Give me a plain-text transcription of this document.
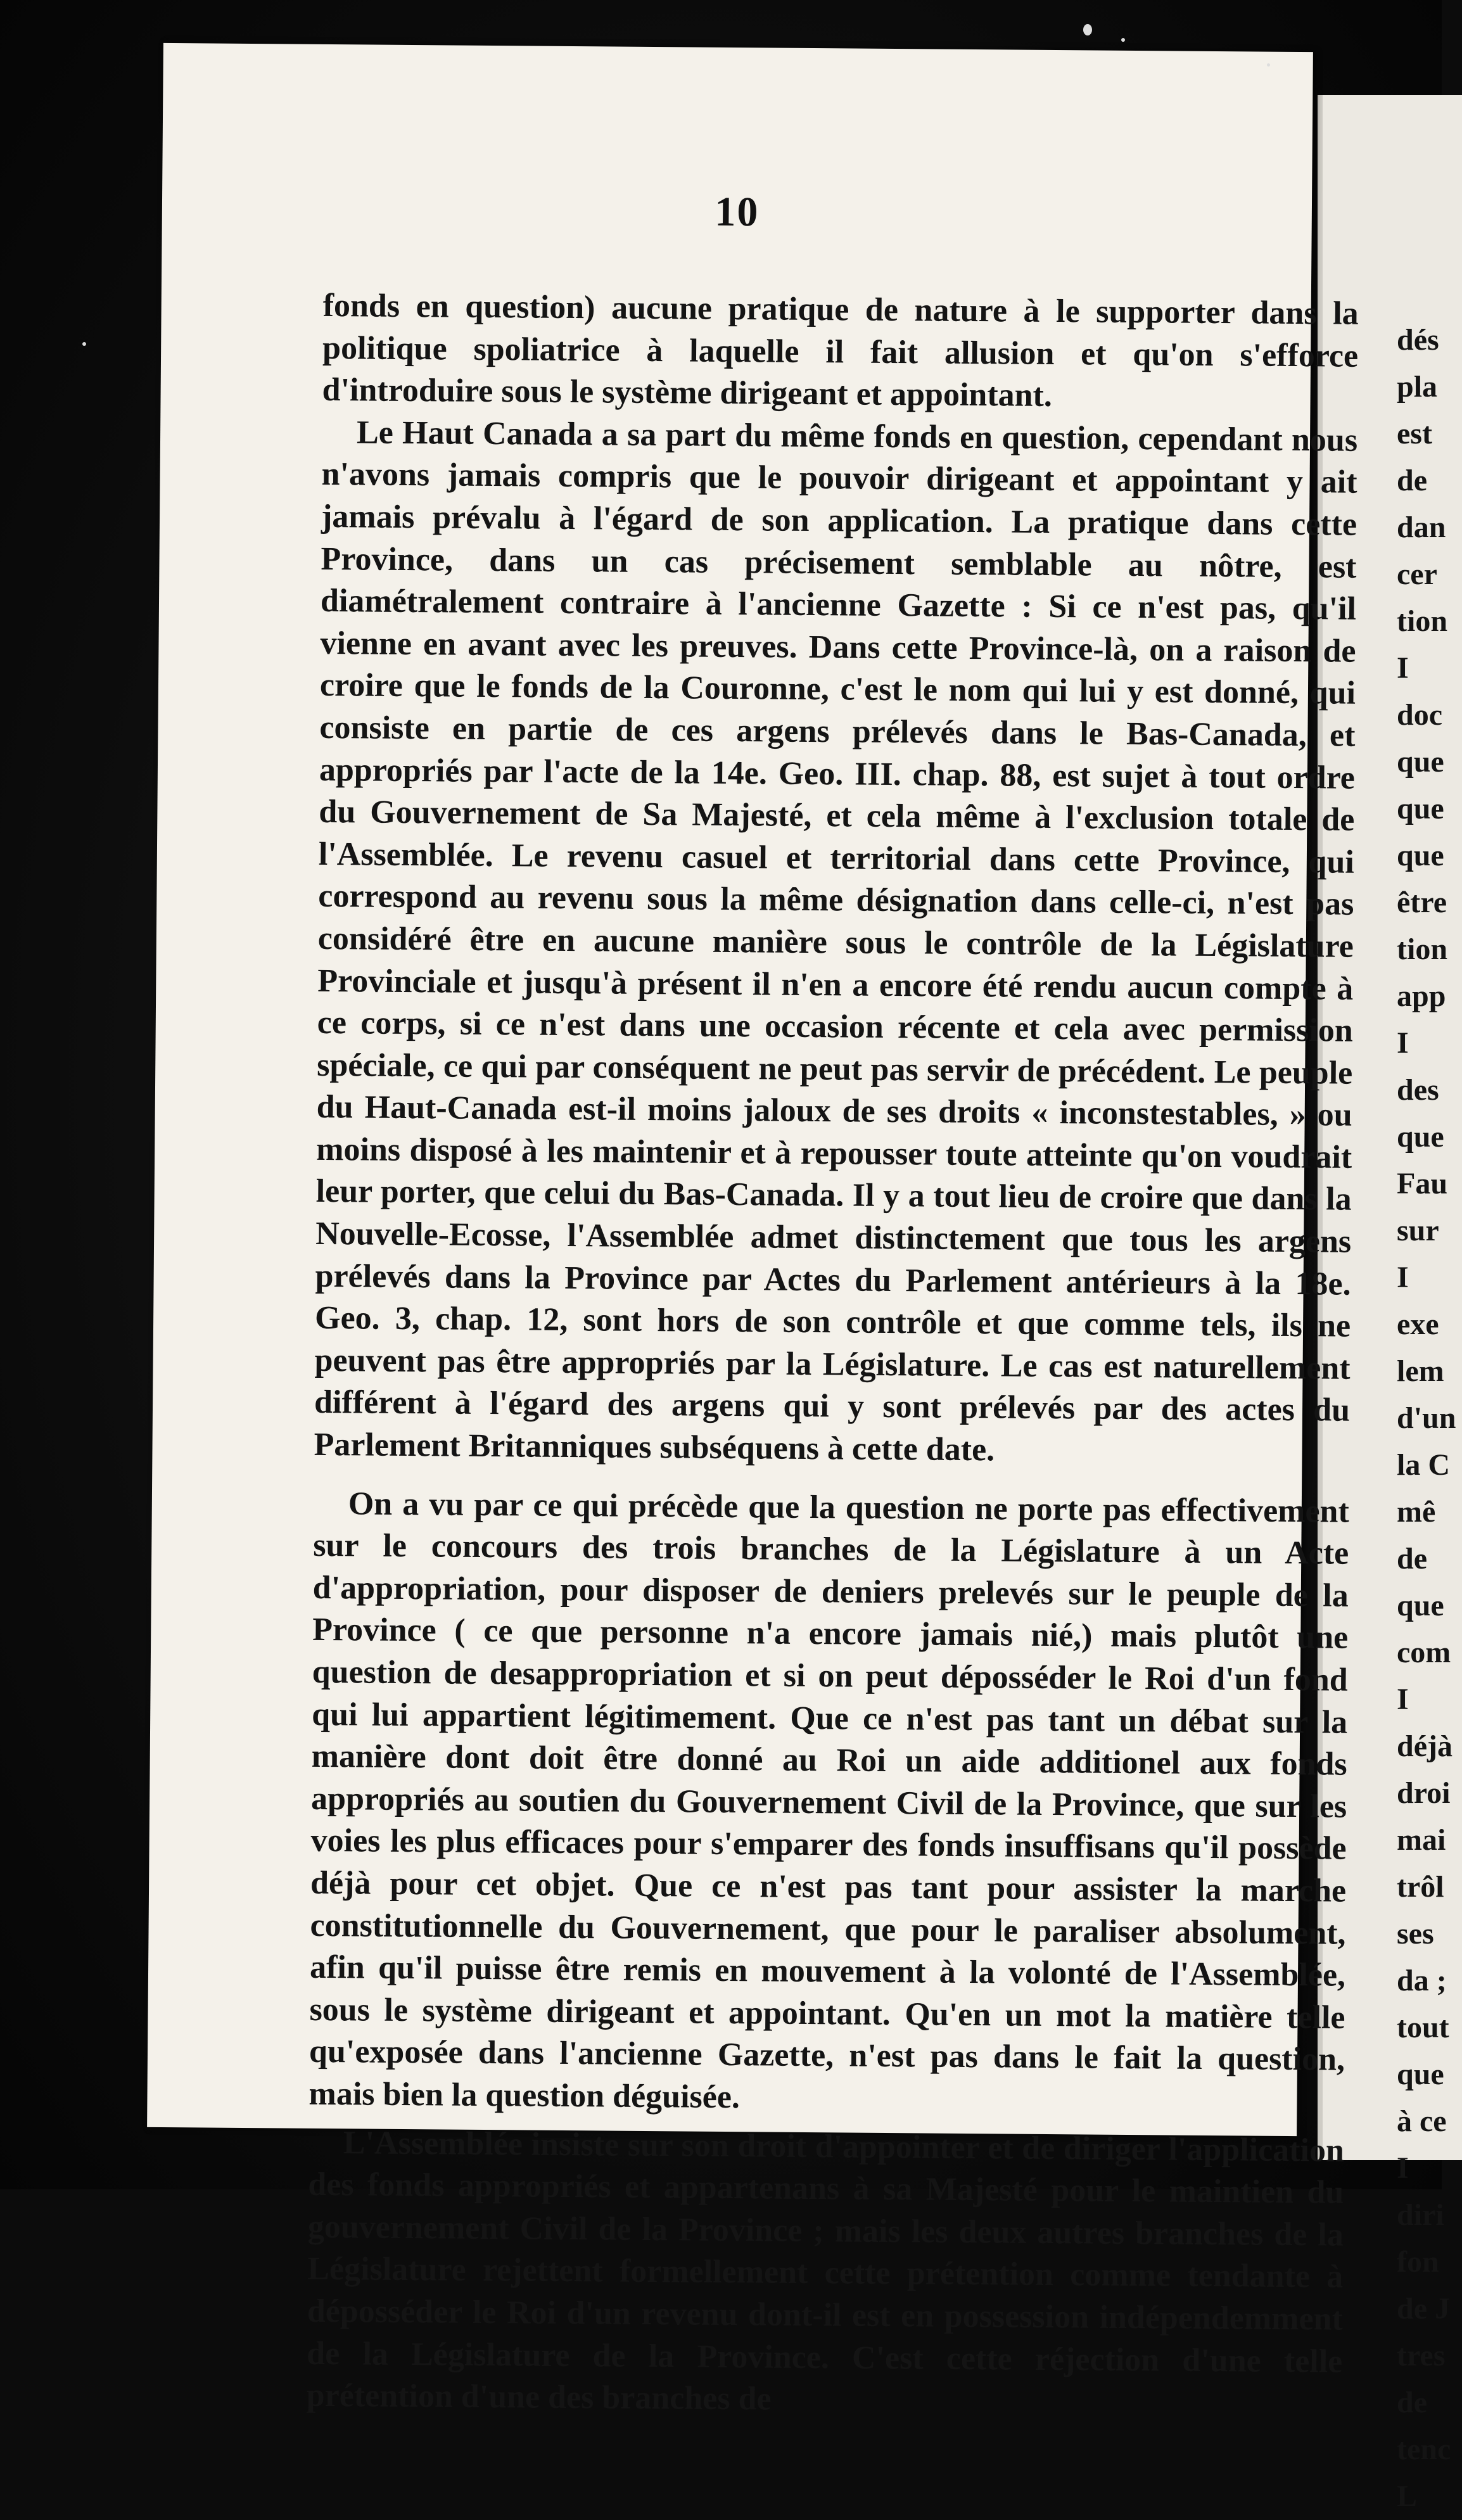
dés
pla
est
de
dan
cer
tion
I
doc
que
que
que
être
tion
app
I
des
que
Fau
sur
I
exe
lem
d'un
la C
mê
de
que
com
I
déjà
droi
mai
trôl
ses
da ;
tout
que
à ce
I
diri
fon
de J
tres
de
tenc
L
10

fonds en question) aucune pratique de nature à le supporter dans la politique spoliatrice à laquelle il fait allusion et qu'on s'efforce d'introduire sous le système dirigeant et appointant.

Le Haut Canada a sa part du même fonds en question, cependant nous n'avons jamais compris que le pouvoir dirigeant et appointant y ait jamais prévalu à l'égard de son application. La pratique dans cette Province, dans un cas précisement semblable au nôtre, est diamétralement contraire à l'ancienne Gazette : Si ce n'est pas, qu'il vienne en avant avec les preuves. Dans cette Province-là, on a raison de croire que le fonds de la Couronne, c'est le nom qui lui y est donné, qui consiste en partie de ces argens prélevés dans le Bas-Canada, et appropriés par l'acte de la 14e. Geo. III. chap. 88, est sujet à tout ordre du Gouvernement de Sa Majesté, et cela même à l'exclusion totale de l'Assemblée. Le revenu casuel et territorial dans cette Province, qui correspond au revenu sous la même désignation dans celle-ci, n'est pas considéré être en aucune manière sous le contrôle de la Législature Provinciale et jusqu'à présent il n'en a encore été rendu aucun compte à ce corps, si ce n'est dans une occasion récente et cela avec permission spéciale, ce qui par conséquent ne peut pas servir de précédent. Le peuple du Haut-Canada est-il moins jaloux de ses droits « inconstestables, » ou moins disposé à les maintenir et à repousser toute atteinte qu'on voudrait leur porter, que celui du Bas-Canada. Il y a tout lieu de croire que dans la Nouvelle-Ecosse, l'Assemblée admet distinctement que tous les argens prélevés dans la Province par Actes du Parlement antérieurs à la 18e. Geo. 3, chap. 12, sont hors de son contrôle et que comme tels, ils ne peuvent pas être appropriés par la Législature. Le cas est naturellement différent à l'égard des argens qui y sont prélevés par des actes du Parlement Britanniques subséquens à cette date.

On a vu par ce qui précède que la question ne porte pas effectivement sur le concours des trois branches de la Législature à un Acte d'appropriation, pour disposer de deniers prelevés sur le peuple de la Province ( ce que personne n'a encore jamais nié,) mais plutôt une question de desappropriation et si on peut déposséder le Roi d'un fond qui lui appartient légitimement. Que ce n'est pas tant un débat sur la manière dont doit être donné au Roi un aide additionel aux fonds appropriés au soutien du Gouvernement Civil de la Province, que sur les voies les plus efficaces pour s'emparer des fonds insuffisans qu'il possède déjà pour cet objet. Que ce n'est pas tant pour assister la marche constitutionnelle du Gouvernement, que pour le paraliser absolument, afin qu'il puisse être remis en mouvement à la volonté de l'Assemblée, sous le système dirigeant et appointant. Qu'en un mot la matière telle qu'exposée dans l'ancienne Gazette, n'est pas dans le fait la question, mais bien la question déguisée.

L'Assemblée insiste sur son droit d'appointer et de diriger l'application des fonds appropriés et appartenans à sa Majesté pour le maintien du gouvernement Civil de la Province ; mais les deux autres branches de la Législature rejettent formellement cette prétention comme tendante à déposséder le Roi d'un revenu dont-il est en possession indépendemment de la Législature de la Province. C'est cette réjection d'une telle prétention d'une des branches de
